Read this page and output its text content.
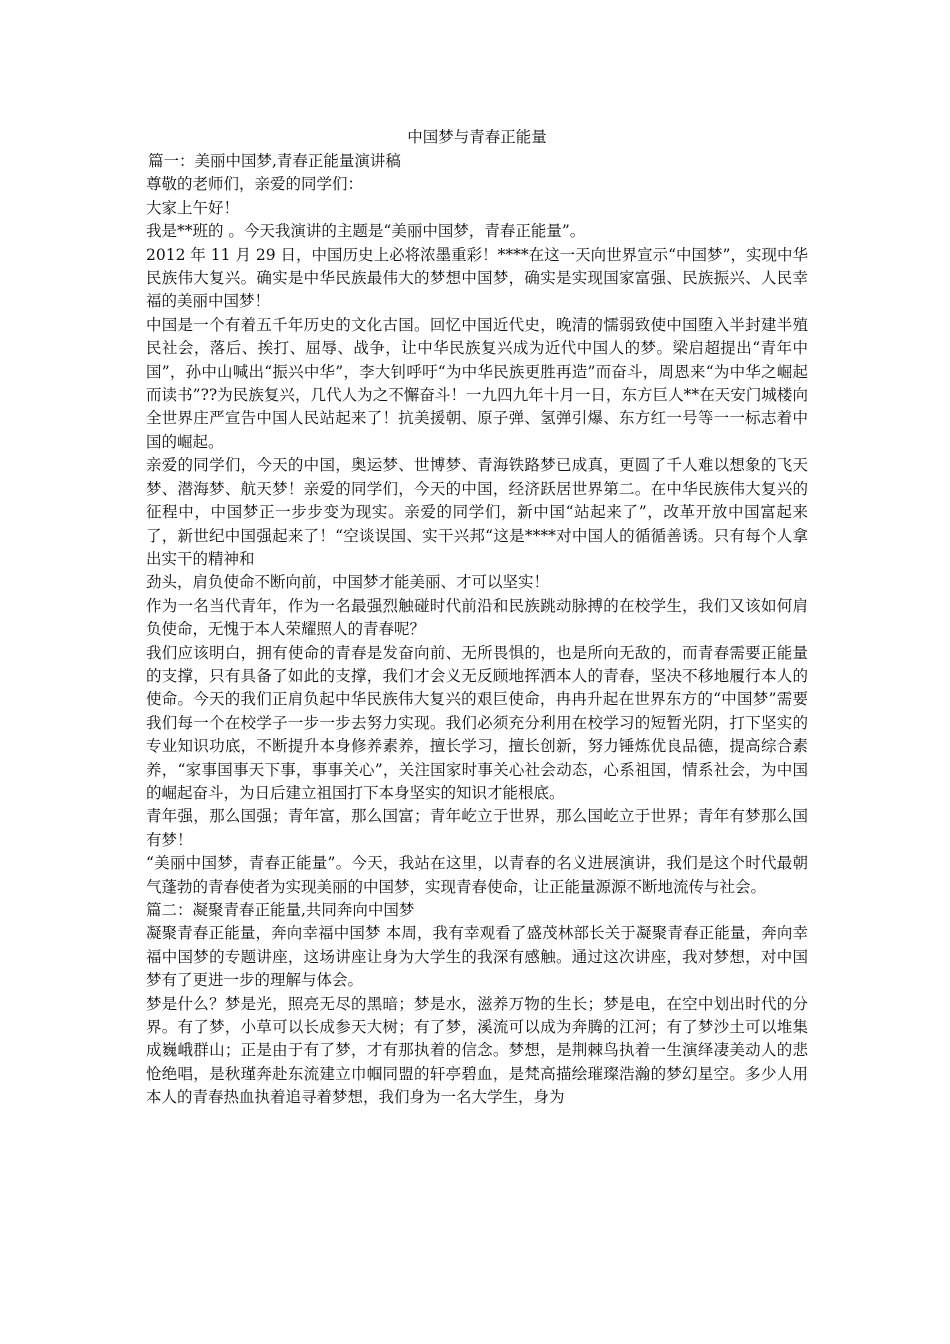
中国梦与青春正能量

篇一：美丽中国梦,青春正能量演讲稿

尊敬的老师们，亲爱的同学们：

大家上午好！

我是**班的 。今天我演讲的主题是“美丽中国梦，青春正能量”。

2012 年 11 月 29 日，中国历史上必将浓墨重彩！****在这一天向世界宣示“中国梦”，实现中华民族伟大复兴。确实是中华民族最伟大的梦想中国梦，确实是实现国家富强、民族振兴、人民幸福的美丽中国梦！

中国是一个有着五千年历史的文化古国。回忆中国近代史，晚清的懦弱致使中国堕入半封建半殖民社会，落后、挨打、屈辱、战争，让中华民族复兴成为近代中国人的梦。梁启超提出“青年中国”，孙中山喊出“振兴中华”，李大钊呼吁“为中华民族更胜再造”而奋斗，周恩来“为中华之崛起而读书”??为民族复兴，几代人为之不懈奋斗！一九四九年十月一日，东方巨人**在天安门城楼向全世界庄严宣告中国人民站起来了！抗美援朝、原子弹、氢弹引爆、东方红一号等一一标志着中国的崛起。

亲爱的同学们，今天的中国，奥运梦、世博梦、青海铁路梦已成真，更圆了千人难以想象的飞天梦、潜海梦、航天梦！亲爱的同学们，今天的中国，经济跃居世界第二。在中华民族伟大复兴的征程中，中国梦正一步步变为现实。亲爱的同学们，新中国“站起来了”，改革开放中国富起来了，新世纪中国强起来了！“空谈误国、实干兴邦“这是****对中国人的循循善诱。只有每个人拿出实干的精神和

劲头，肩负使命不断向前，中国梦才能美丽、才可以坚实！

作为一名当代青年，作为一名最强烈触碰时代前沿和民族跳动脉搏的在校学生，我们又该如何肩负使命，无愧于本人荣耀照人的青春呢？

我们应该明白，拥有使命的青春是发奋向前、无所畏惧的，也是所向无敌的，而青春需要正能量的支撑，只有具备了如此的支撑，我们才会义无反顾地挥洒本人的青春，坚决不移地履行本人的使命。今天的我们正肩负起中华民族伟大复兴的艰巨使命，冉冉升起在世界东方的“中国梦”需要我们每一个在校学子一步一步去努力实现。我们必须充分利用在校学习的短暂光阴，打下坚实的专业知识功底，不断提升本身修养素养，擅长学习，擅长创新，努力锤炼优良品德，提高综合素养，“家事国事天下事，事事关心”，关注国家时事关心社会动态，心系祖国，情系社会，为中国的崛起奋斗，为日后建立祖国打下本身坚实的知识才能根底。

青年强，那么国强；青年富，那么国富；青年屹立于世界，那么国屹立于世界；青年有梦那么国有梦！

“美丽中国梦，青春正能量”。今天，我站在这里，以青春的名义进展演讲，我们是这个时代最朝气蓬勃的青春使者为实现美丽的中国梦，实现青春使命，让正能量源源不断地流传与社会。

篇二：凝聚青春正能量,共同奔向中国梦

凝聚青春正能量，奔向幸福中国梦 本周，我有幸观看了盛茂林部长关于凝聚青春正能量，奔向幸福中国梦的专题讲座，这场讲座让身为大学生的我深有感触。通过这次讲座，我对梦想，对中国梦有了更进一步的理解与体会。

梦是什么？梦是光，照亮无尽的黑暗；梦是水，滋养万物的生长；梦是电，在空中划出时代的分界。有了梦，小草可以长成参天大树；有了梦，溪流可以成为奔腾的江河；有了梦沙土可以堆集成巍峨群山；正是由于有了梦，才有那执着的信念。梦想，是荆棘鸟执着一生演绎凄美动人的悲怆绝唱，是秋瑾奔赴东流建立巾帼同盟的轩亭碧血，是梵高描绘璀璨浩瀚的梦幻星空。多少人用本人的青春热血执着追寻着梦想，我们身为一名大学生，身为
